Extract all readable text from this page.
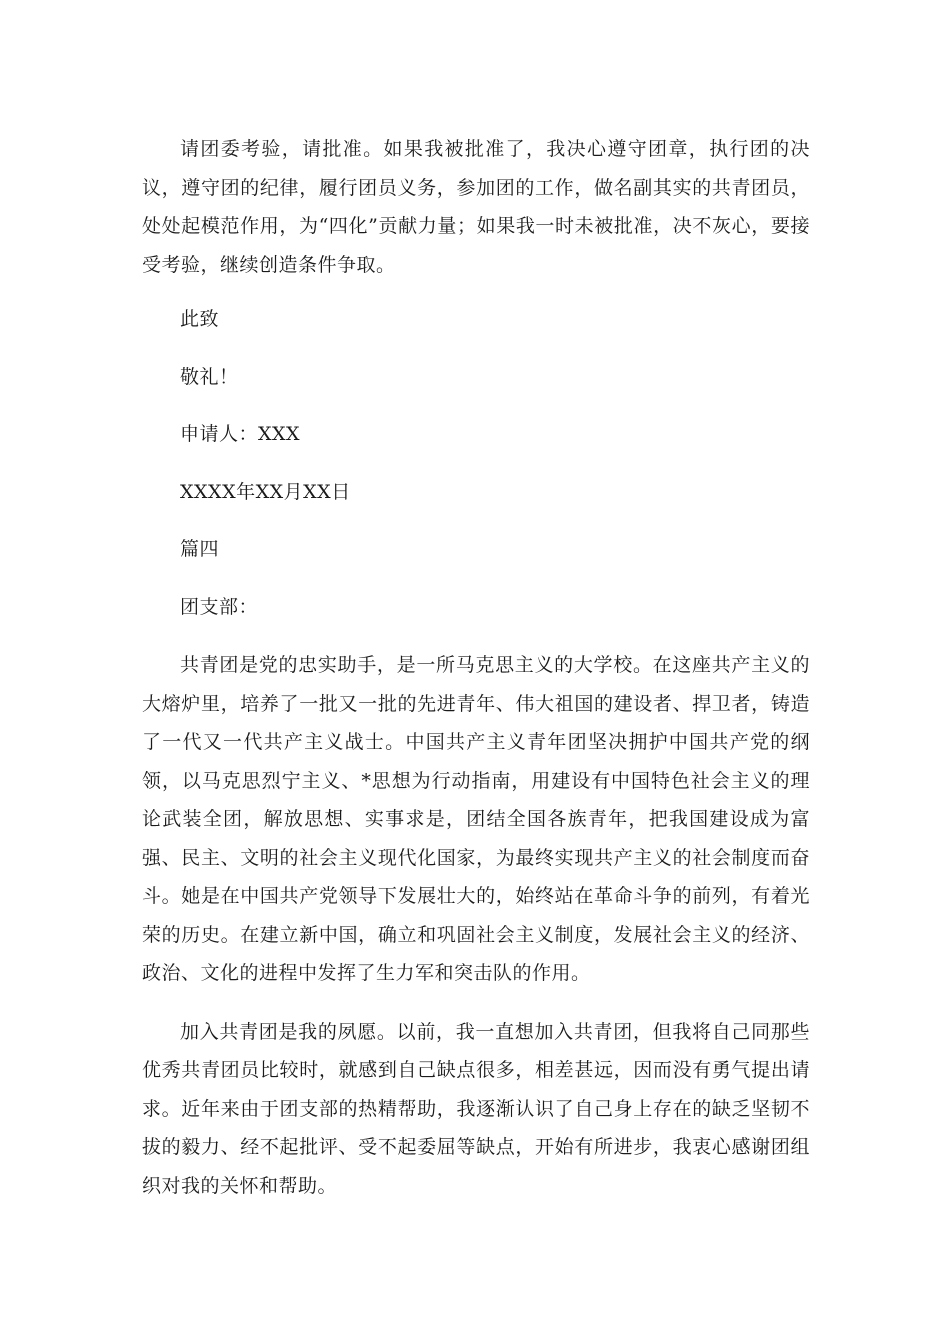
请团委考验，请批准。如果我被批准了，我决心遵守团章，执行团的决议，遵守团的纪律，履行团员义务，参加团的工作，做名副其实的共青团员，处处起模范作用，为“四化”贡献力量；如果我一时未被批准，决不灰心，要接受考验，继续创造条件争取。

此致

敬礼！

申请人：XXX

XXXX年XX月XX日

篇四

团支部：

共青团是党的忠实助手，是一所马克思主义的大学校。在这座共产主义的大熔炉里，培养了一批又一批的先进青年、伟大祖国的建设者、捍卫者，铸造了一代又一代共产主义战士。中国共产主义青年团坚决拥护中国共产党的纲领，以马克思烈宁主义、*思想为行动指南，用建设有中国特色社会主义的理论武装全团，解放思想、实事求是，团结全国各族青年，把我国建设成为富强、民主、文明的社会主义现代化国家，为最终实现共产主义的社会制度而奋斗。她是在中国共产党领导下发展壮大的，始终站在革命斗争的前列，有着光荣的历史。在建立新中国，确立和巩固社会主义制度，发展社会主义的经济、政治、文化的进程中发挥了生力军和突击队的作用。

加入共青团是我的夙愿。以前，我一直想加入共青团，但我将自己同那些优秀共青团员比较时，就感到自己缺点很多，相差甚远，因而没有勇气提出请求。近年来由于团支部的热精帮助，我逐渐认识了自己身上存在的缺乏坚韧不拔的毅力、经不起批评、受不起委屈等缺点，开始有所进步，我衷心感谢团组织对我的关怀和帮助。
